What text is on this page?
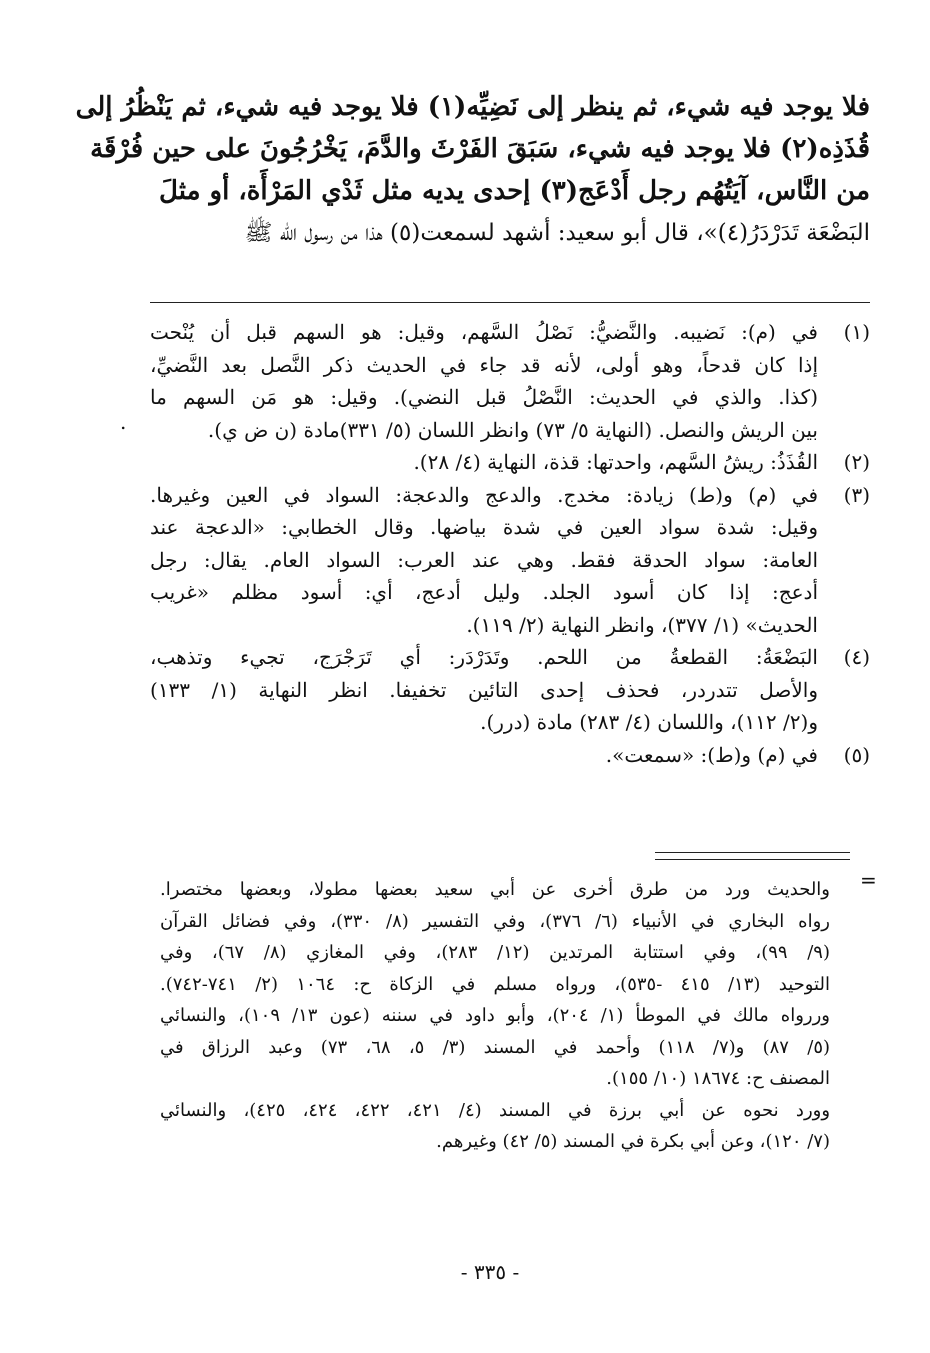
فلا يوجد فيه شيء، ثم ينظر إلى نَضِيِّه(١) فلا يوجد فيه شيء، ثم يَنْظُرُ إلى
قُذَذِه(٢) فلا يوجد فيه شيء، سَبَقَ الفَرْثَ والدَّمَ، يَخْرُجُونَ على حين فُرْقَة
من النَّاس، آيَتُهُم رجل أَدْعَج(٣) إحدى يديه مثل ثَدْي المَرْأَة، أو مثلَ
البَضْعَة تَدَرْدَرُ(٤)»، قال أبو سعيد: أشهد لسمعت(٥) هذا من رسول الله ﷺ
(١)
في (م): نَضيبه. والنَّضيُّ: نَصْلُ السَّهم، وقيل: هو السهم قبل أن يُنْحت
إذا كان قدحاً، وهو أولى، لأنه قد جاء في الحديث ذكر النَّصل بعد النَّضيِّ،
(كذا. والذي في الحديث: النَّصْلُ قبل النضي). وقيل: هو مَن السهم ما
بين الريش والنصل. (النهاية ٥/ ٧٣) وانظر اللسان (٥/ ٣٣١)مادة (ن ض ي).
(٢)
القُذَذُ: ريشُ السَّهم، واحدتها: قذة، النهاية (٤/ ٢٨).
(٣)
في (م) و(ط) زيادة: مخدج. والدعج والدعجة: السواد في العين وغيرها.
وقيل: شدة سواد العين في شدة بياضها. وقال الخطابي: «الدعجة عند
العامة: سواد الحدقة فقط. وهي عند العرب: السواد العام. يقال: رجل
أدعج: إذا كان أسود الجلد. وليل أدعج، أي: أسود مظلم «غريب
الحديث» (١/ ٣٧٧)، وانظر النهاية (٢/ ١١٩).
(٤)
البَضْعَةُ: القطعةُ من اللحم. وتَدَرْدَر: أي تَرَجْرَج، تجيء وتذهب،
والأصل تتدردر، فحذف إحدى التائين تخفيفا. انظر النهاية (١/ ١٣٣)
و(٢/ ١١٢)، واللسان (٤/ ٢٨٣) مادة (درر).
(٥)
في (م) و(ط): «سمعت».
.
=
والحديث ورد من طرق أخرى عن أبي سعيد بعضها مطولا، وبعضها مختصرا.
رواه البخاري في الأنبياء (٦/ ٣٧٦)، وفي التفسير (٨/ ٣٣٠)، وفي فضائل القرآن
(٩/ ٩٩)، وفي استتابة المرتدين (١٢/ ٢٨٣)، وفي المغازي (٨/ ٦٧)، وفي
التوحيد (١٣/ ٤١٥ -٥٣٥)، ورواه مسلم في الزكاة ح: ١٠٦٤ (٢/ ٧٤١-٧٤٢).
وررواه مالك في الموطأ (١/ ٢٠٤)، وأبو داود في سننه (عون ١٣/ ١٠٩)، والنسائي
(٥/ ٨٧) و(٧/ ١١٨) وأحمد في المسند (٣/ ٥، ٦٨، ٧٣) وعبد الرزاق في
المصنف ح: ١٨٦٧٤ (١٠/ ١٥٥).
وورد نحوه عن أبي برزة في المسند (٤/ ٤٢١، ٤٢٢، ٤٢٤، ٤٢٥)، والنسائي
(٧/ ١٢٠)، وعن أبي بكرة في المسند (٥/ ٤٢) وغيرهم.
- ٣٣٥ -
